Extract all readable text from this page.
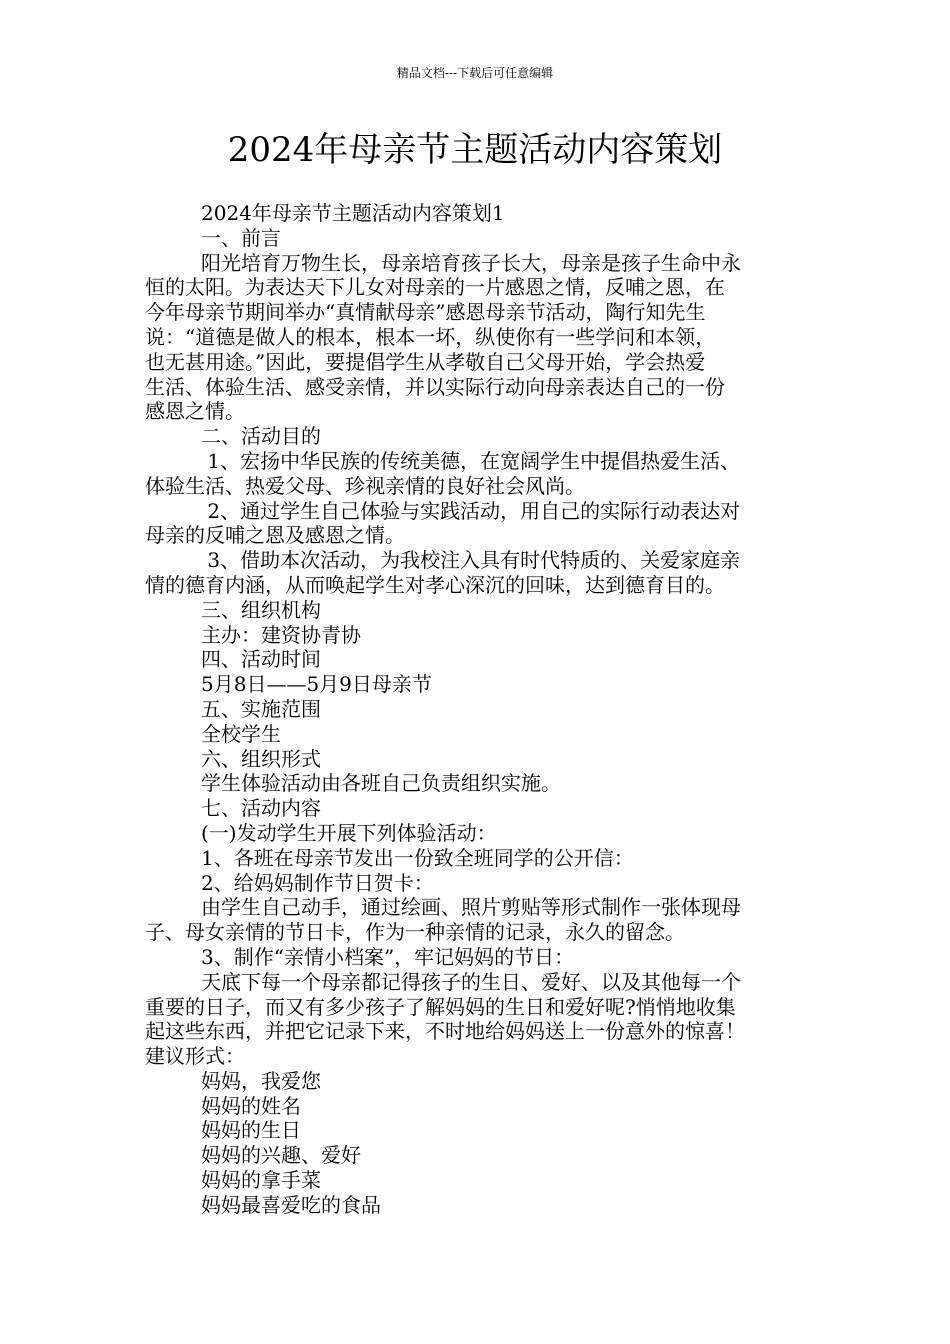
精品文档---下载后可任意编辑
2024年母亲节主题活动内容策划

2024年母亲节主题活动内容策划1

一、前言

阳光培育万物生长，母亲培育孩子长大，母亲是孩子生命中永

恒的太阳。为表达天下儿女对母亲的一片感恩之情，反哺之恩，在

今年母亲节期间举办“真情献母亲”感恩母亲节活动，陶行知先生

说：“道德是做人的根本，根本一坏，纵使你有一些学问和本领，

也无甚用途。”因此，要提倡学生从孝敬自己父母开始，学会热爱

生活、体验生活、感受亲情，并以实际行动向母亲表达自己的一份

感恩之情。

二、活动目的

1、宏扬中华民族的传统美德，在宽阔学生中提倡热爱生活、

体验生活、热爱父母、珍视亲情的良好社会风尚。

2、通过学生自己体验与实践活动，用自己的实际行动表达对

母亲的反哺之恩及感恩之情。

3、借助本次活动，为我校注入具有时代特质的、关爱家庭亲

情的德育内涵，从而唤起学生对孝心深沉的回味，达到德育目的。

三、组织机构

主办：建资协青协

四、活动时间

5月8日——5月9日母亲节

五、实施范围

全校学生

六、组织形式

学生体验活动由各班自己负责组织实施。

七、活动内容

(一)发动学生开展下列体验活动：

1、各班在母亲节发出一份致全班同学的公开信：

2、给妈妈制作节日贺卡：

由学生自己动手，通过绘画、照片剪贴等形式制作一张体现母

子、母女亲情的节日卡，作为一种亲情的记录，永久的留念。

3、制作“亲情小档案”，牢记妈妈的节日：

天底下每一个母亲都记得孩子的生日、爱好、以及其他每一个

重要的日子，而又有多少孩子了解妈妈的生日和爱好呢?悄悄地收集

起这些东西，并把它记录下来，不时地给妈妈送上一份意外的惊喜！

建议形式：

妈妈，我爱您

妈妈的姓名

妈妈的生日

妈妈的兴趣、爱好

妈妈的拿手菜

妈妈最喜爱吃的食品
